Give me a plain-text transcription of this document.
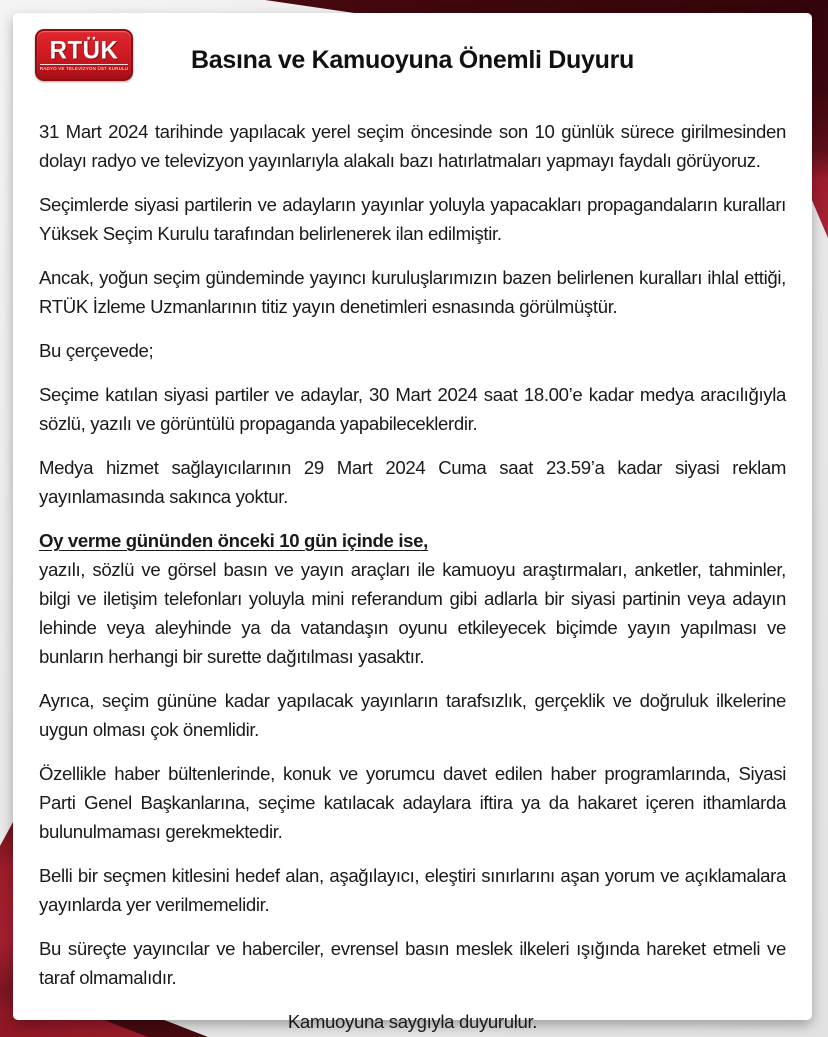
RTÜK
RADYO VE TELEVİZYON ÜST KURULU	Basına ve Kamuoyuna Önemli Duyuru

31 Mart 2024 tarihinde yapılacak yerel seçim öncesinde son 10 günlük sürece girilmesinden dolayı radyo ve televizyon yayınlarıyla alakalı bazı hatırlatmaları yapmayı faydalı görüyoruz.

Seçimlerde siyasi partilerin ve adayların yayınlar yoluyla yapacakları propagandaların kuralları Yüksek Seçim Kurulu tarafından belirlenerek ilan edilmiştir.

Ancak, yoğun seçim gündeminde yayıncı kuruluşlarımızın bazen belirlenen kuralları ihlal ettiği, RTÜK İzleme Uzmanlarının titiz yayın denetimleri esnasında görülmüştür.

Bu çerçevede;

Seçime katılan siyasi partiler ve adaylar, 30 Mart 2024 saat 18.00’e kadar medya aracılığıyla sözlü, yazılı ve görüntülü propaganda yapabileceklerdir.

Medya hizmet sağlayıcılarının 29 Mart 2024 Cuma saat 23.59’a kadar siyasi reklam yayınlamasında sakınca yoktur.

Oy verme gününden önceki 10 gün içinde ise,

yazılı, sözlü ve görsel basın ve yayın araçları ile kamuoyu araştırmaları, anketler, tahminler, bilgi ve iletişim telefonları yoluyla mini referandum gibi adlarla bir siyasi partinin veya adayın lehinde veya aleyhinde ya da vatandaşın oyunu etkileyecek biçimde yayın yapılması ve bunların herhangi bir surette dağıtılması yasaktır.

Ayrıca, seçim gününe kadar yapılacak yayınların tarafsızlık, gerçeklik ve doğruluk ilkelerine uygun olması çok önemlidir.

Özellikle haber bültenlerinde, konuk ve yorumcu davet edilen haber programlarında, Siyasi Parti Genel Başkanlarına, seçime katılacak adaylara iftira ya da hakaret içeren ithamlarda bulunulmaması gerekmektedir.

Belli bir seçmen kitlesini hedef alan, aşağılayıcı, eleştiri sınırlarını aşan yorum ve açıklamalara yayınlarda yer verilmemelidir.

Bu süreçte yayıncılar ve haberciler, evrensel basın meslek ilkeleri ışığında hareket etmeli ve taraf olmamalıdır.

Kamuoyuna saygıyla duyurulur.
